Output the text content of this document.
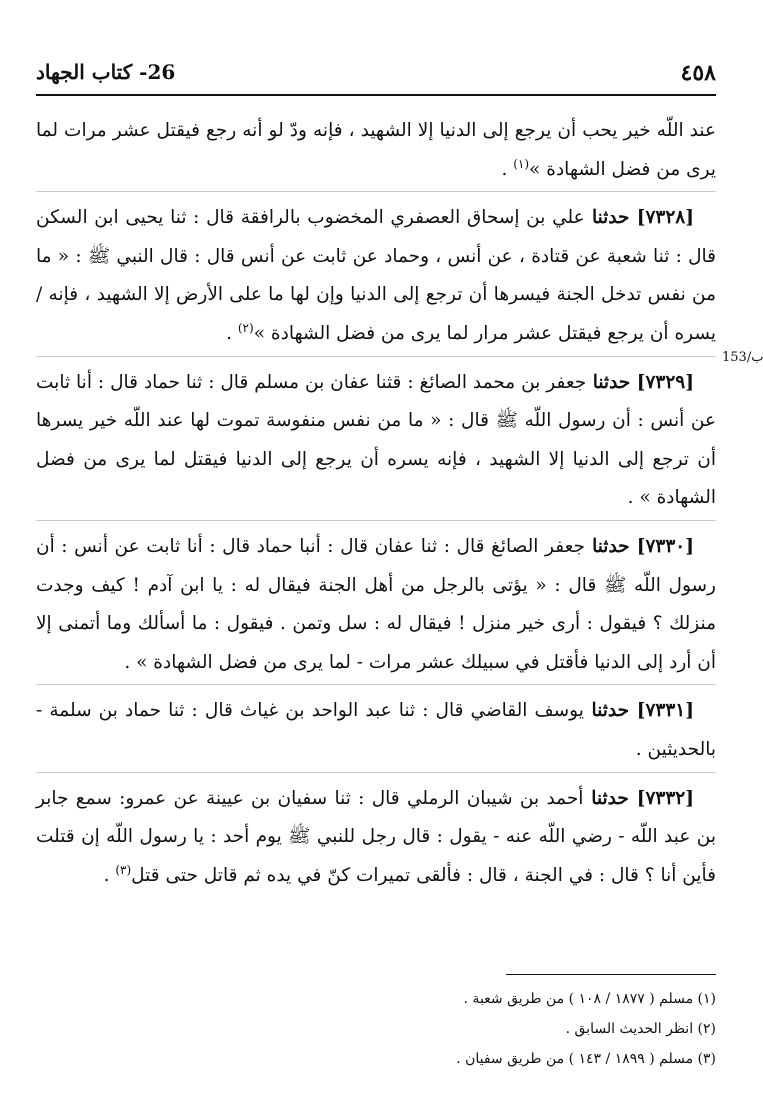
٤٥٨
26- كتاب الجهاد
153/ب

عند اللّه خير يحب أن يرجع إلى الدنيا إلا الشهيد ، فإنه ودّ لو أنه رجع فيقتل عشر مرات لما يرى من فضل الشهادة »$^{(١)}$ .

[٧٣٢٨] حدثنا علي بن إسحاق العصفري المخضوب بالرافقة قال : ثنا يحيى ابن السكن قال : ثنا شعبة عن قتادة ، عن أنس ، وحماد عن ثابت عن أنس قال : قال النبي ﷺ : « ما من نفس تدخل الجنة فيسرها أن ترجع إلى الدنيا وإن لها ما على الأرض إلا الشهيد ، فإنه / يسره أن يرجع فيقتل عشر مرار لما يرى من فضل الشهادة »$^{(٢)}$ .

[٧٣٢٩] حدثنا جعفر بن محمد الصائغ : قثنا عفان بن مسلم قال : ثنا حماد قال : أنا ثابت عن أنس : أن رسول اللّه ﷺ قال : « ما من نفس منفوسة تموت لها عند اللّه خير يسرها أن ترجع إلى الدنيا إلا الشهيد ، فإنه يسره أن يرجع إلى الدنيا فيقتل لما يرى من فضل الشهادة » .

[٧٣٣٠] حدثنا جعفر الصائغ قال : ثنا عفان قال : أنبا حماد قال : أنا ثابت عن أنس : أن رسول اللّه ﷺ قال : « يؤتى بالرجل من أهل الجنة فيقال له : يا ابن آدم ! كيف وجدت منزلك ؟ فيقول : أرى خير منزل ! فيقال له : سل وتمن . فيقول : ما أسألك وما أتمنى إلا أن أرد إلى الدنيا فأقتل في سبيلك عشر مرات - لما يرى من فضل الشهادة » .

[٧٣٣١] حدثنا يوسف القاضي قال : ثنا عبد الواحد بن غياث قال : ثنا حماد بن سلمة - بالحديثين .

[٧٣٣٢] حدثنا أحمد بن شيبان الرملي قال : ثنا سفيان بن عيينة عن عمرو: سمع جابر بن عبد اللّه - رضي اللّه عنه - يقول : قال رجل للنبي ﷺ يوم أحد : يا رسول اللّه إن قتلت فأين أنا ؟ قال : في الجنة ، قال : فألقى تميرات كنّ في يده ثم قاتل حتى قتل$^{(٣)}$ .

(١) مسلم ( ١٨٧٧ / ١٠٨ ) من طريق شعبة .

(٢) انظر الحديث السابق .

(٣) مسلم ( ١٨٩٩ / ١٤٣ ) من طريق سفيان .
